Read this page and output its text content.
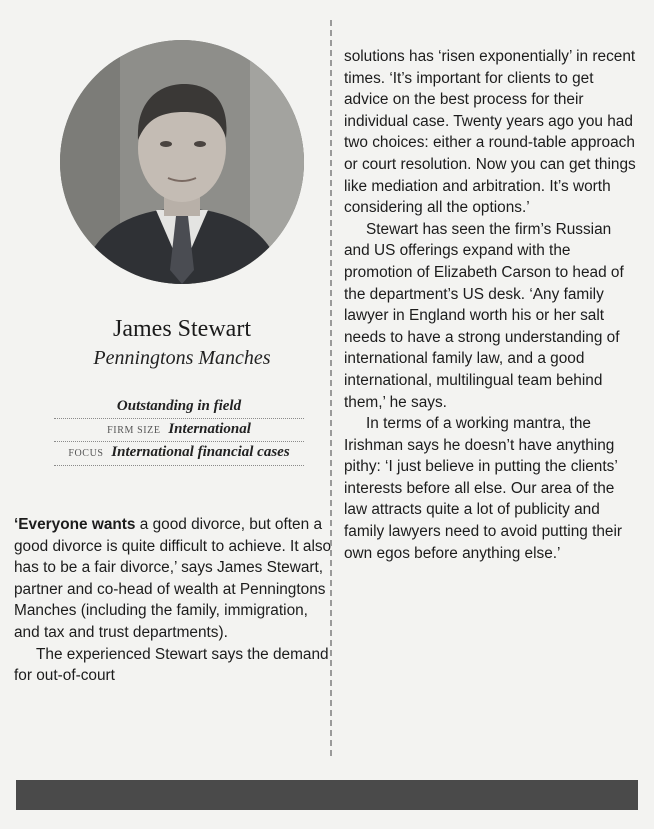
James Stewart
Penningtons Manches
Outstanding in field
FIRM SIZE International
FOCUS International financial cases

‘Everyone wants a good divorce, but often a good divorce is quite difficult to achieve. It also has to be a fair divorce,’ says James Stewart, partner and co-head of wealth at Penningtons Manches (including the family, immigration, and tax and trust departments).

The experienced Stewart says the demand for out-of-court

solutions has ‘risen exponentially’ in recent times. ‘It’s important for clients to get advice on the best process for their individual case. Twenty years ago you had two choices: either a round-table approach or court resolution. Now you can get things like mediation and arbitration. It’s worth considering all the options.’

Stewart has seen the firm’s Russian and US offerings expand with the promotion of Elizabeth Carson to head of the department’s US desk. ‘Any family lawyer in England worth his or her salt needs to have a strong understanding of international family law, and a good international, multilingual team behind them,’ he says.

In terms of a working mantra, the Irishman says he doesn’t have anything pithy: ‘I just believe in putting the clients’ interests before all else. Our area of the law attracts quite a lot of publicity and family lawyers need to avoid putting their own egos before anything else.’
